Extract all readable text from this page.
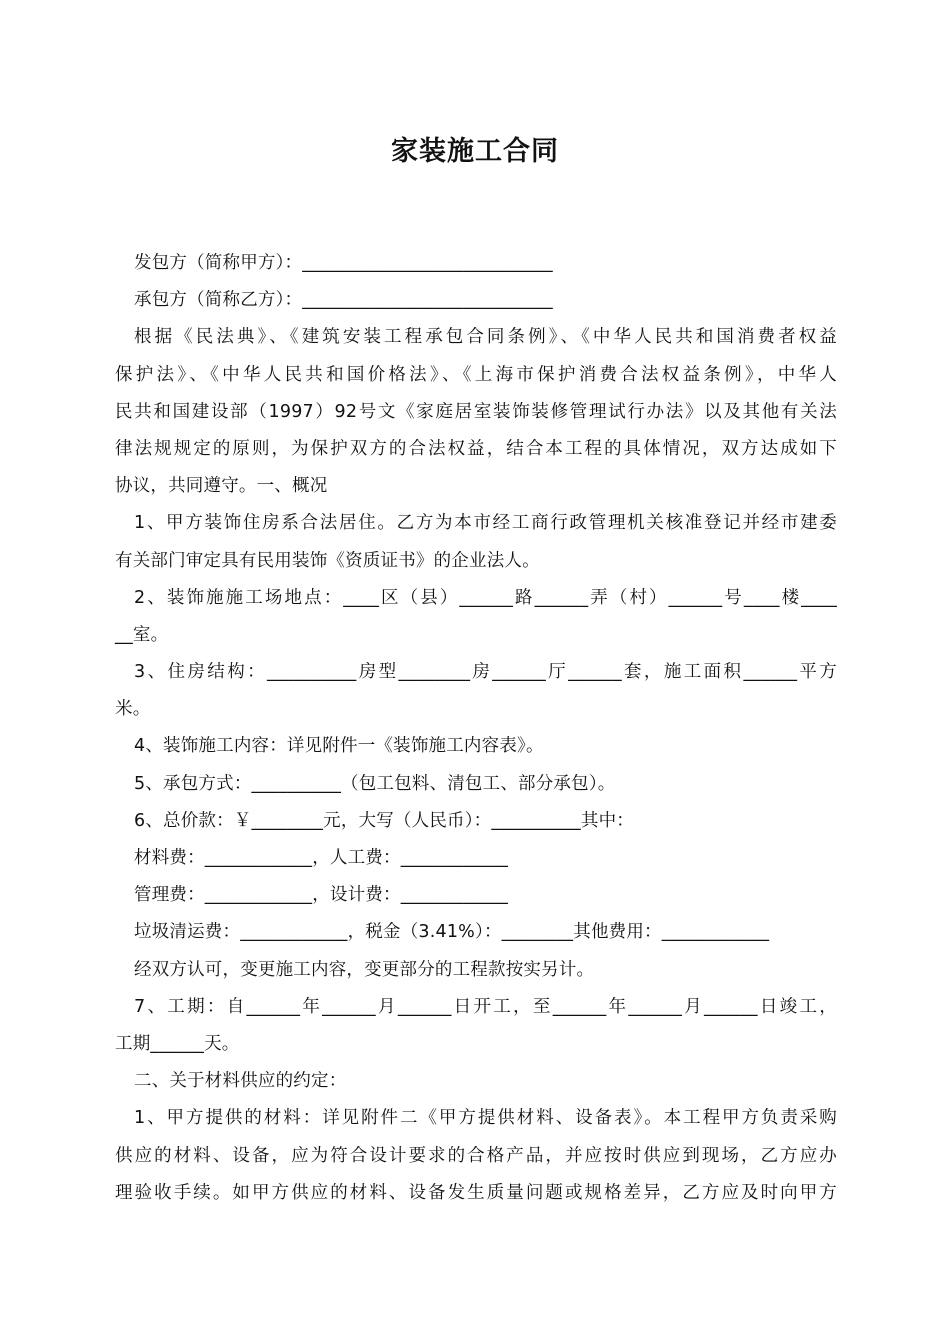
家装施工合同
发包方（简称甲方）：____________________________
承包方（简称乙方）：____________________________
根据《民法典》、《建筑安装工程承包合同条例》、《中华人民共和国消费者权益
保护法》、《中华人民共和国价格法》、《上海市保护消费合法权益条例》，中华人
民共和国建设部（1997）92号文《家庭居室装饰装修管理试行办法》以及其他有关法
律法规规定的原则，为保护双方的合法权益，结合本工程的具体情况，双方达成如下
协议，共同遵守。一、概况
1、甲方装饰住房系合法居住。乙方为本市经工商行政管理机关核准登记并经市建委
有关部门审定具有民用装饰《资质证书》的企业法人。
2、装饰施施工场地点：____区（县）______路______弄（村）______号____楼____
__室。
3、住房结构：__________房型________房______厅______套，施工面积______平方
米。
4、装饰施工内容：详见附件一《装饰施工内容表》。
5、承包方式：__________（包工包料、清包工、部分承包）。
6、总价款：￥________元，大写（人民币）：__________其中：
材料费：____________，人工费：____________
管理费：____________，设计费：____________
垃圾清运费：____________，税金（3.41%）：________其他费用：____________
经双方认可，变更施工内容，变更部分的工程款按实另计。
7、工期：自______年______月______日开工，至______年______月______日竣工，
工期______天。
二、关于材料供应的约定：
1、甲方提供的材料：详见附件二《甲方提供材料、设备表》。本工程甲方负责采购
供应的材料、设备，应为符合设计要求的合格产品，并应按时供应到现场，乙方应办
理验收手续。如甲方供应的材料、设备发生质量问题或规格差异，乙方应及时向甲方
